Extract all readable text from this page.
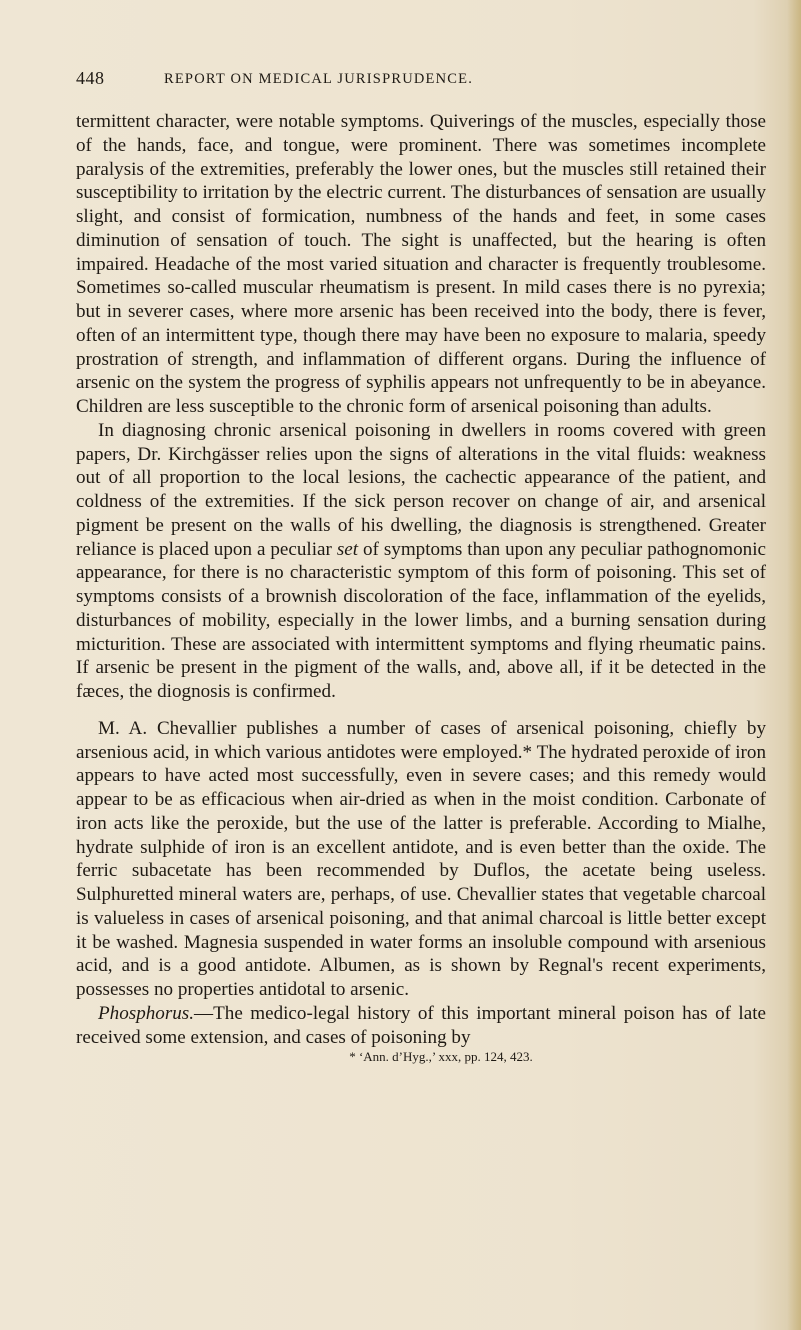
448	REPORT ON MEDICAL JURISPRUDENCE.

termittent character, were notable symptoms. Quiverings of the muscles, especially those of the hands, face, and tongue, were prominent. There was sometimes incomplete paralysis of the extremities, preferably the lower ones, but the muscles still retained their susceptibility to irritation by the electric current. The disturbances of sensation are usually slight, and consist of formication, numbness of the hands and feet, in some cases diminution of sensation of touch. The sight is unaffected, but the hearing is often impaired. Headache of the most varied situation and character is frequently troublesome. Sometimes so-called muscular rheumatism is present. In mild cases there is no pyrexia; but in severer cases, where more arsenic has been received into the body, there is fever, often of an intermittent type, though there may have been no exposure to malaria, speedy prostration of strength, and inflammation of different organs. During the influence of arsenic on the system the progress of syphilis appears not unfrequently to be in abeyance. Children are less susceptible to the chronic form of arsenical poisoning than adults.

In diagnosing chronic arsenical poisoning in dwellers in rooms covered with green papers, Dr. Kirchgässer relies upon the signs of alterations in the vital fluids: weakness out of all proportion to the local lesions, the cachectic appearance of the patient, and coldness of the extremities. If the sick person recover on change of air, and arsenical pigment be present on the walls of his dwelling, the diagnosis is strengthened. Greater reliance is placed upon a peculiar set of symptoms than upon any peculiar pathognomonic appearance, for there is no characteristic symptom of this form of poisoning. This set of symptoms consists of a brownish discoloration of the face, inflammation of the eyelids, disturbances of mobility, especially in the lower limbs, and a burning sensation during micturition. These are associated with intermittent symptoms and flying rheumatic pains. If arsenic be present in the pigment of the walls, and, above all, if it be detected in the fæces, the diognosis is confirmed.

M. A. Chevallier publishes a number of cases of arsenical poisoning, chiefly by arsenious acid, in which various antidotes were employed.* The hydrated peroxide of iron appears to have acted most successfully, even in severe cases; and this remedy would appear to be as efficacious when air-dried as when in the moist condition. Carbonate of iron acts like the peroxide, but the use of the latter is preferable. According to Mialhe, hydrate sulphide of iron is an excellent antidote, and is even better than the oxide. The ferric subacetate has been recommended by Duflos, the acetate being useless. Sulphuretted mineral waters are, perhaps, of use. Chevallier states that vegetable charcoal is valueless in cases of arsenical poisoning, and that animal charcoal is little better except it be washed. Magnesia suspended in water forms an insoluble compound with arsenious acid, and is a good antidote. Albumen, as is shown by Regnal's recent experiments, possesses no properties antidotal to arsenic.

Phosphorus.—The medico-legal history of this important mineral poison has of late received some extension, and cases of poisoning by

* ‘Ann. d’Hyg.,’ xxx, pp. 124, 423.
